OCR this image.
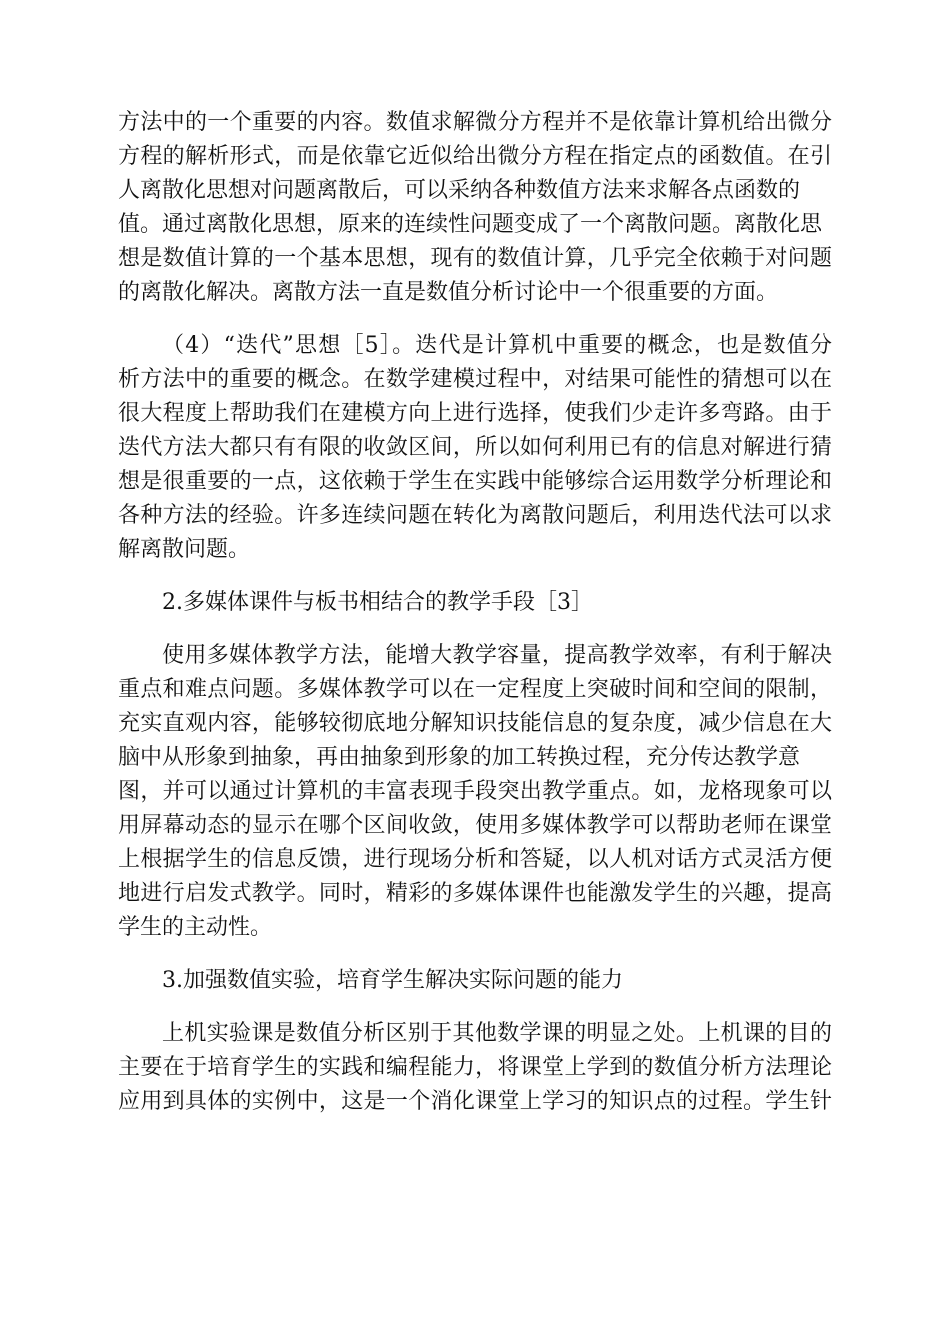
方法中的一个重要的内容。数值求解微分方程并不是依靠计算机给出微分
方程的解析形式，而是依靠它近似给出微分方程在指定点的函数值。在引
人离散化思想对问题离散后，可以采纳各种数值方法来求解各点函数的
值。通过离散化思想，原来的连续性问题变成了一个离散问题。离散化思
想是数值计算的一个基本思想，现有的数值计算，几乎完全依赖于对问题
的离散化解决。离散方法一直是数值分析讨论中一个很重要的方面。
（4）“迭代”思想［5］。迭代是计算机中重要的概念，也是数值分
析方法中的重要的概念。在数学建模过程中，对结果可能性的猜想可以在
很大程度上帮助我们在建模方向上进行选择，使我们少走许多弯路。由于
迭代方法大都只有有限的收敛区间，所以如何利用已有的信息对解进行猜
想是很重要的一点，这依赖于学生在实践中能够综合运用数学分析理论和
各种方法的经验。许多连续问题在转化为离散问题后，利用迭代法可以求
解离散问题。
2.多媒体课件与板书相结合的教学手段［3］
使用多媒体教学方法，能增大教学容量，提高教学效率，有利于解决
重点和难点问题。多媒体教学可以在一定程度上突破时间和空间的限制，
充实直观内容，能够较彻底地分解知识技能信息的复杂度，减少信息在大
脑中从形象到抽象，再由抽象到形象的加工转换过程，充分传达教学意
图，并可以通过计算机的丰富表现手段突出教学重点。如，龙格现象可以
用屏幕动态的显示在哪个区间收敛，使用多媒体教学可以帮助老师在课堂
上根据学生的信息反馈，进行现场分析和答疑，以人机对话方式灵活方便
地进行启发式教学。同时，精彩的多媒体课件也能激发学生的兴趣，提高
学生的主动性。
3.加强数值实验，培育学生解决实际问题的能力
上机实验课是数值分析区别于其他数学课的明显之处。上机课的目的
主要在于培育学生的实践和编程能力，将课堂上学到的数值分析方法理论
应用到具体的实例中，这是一个消化课堂上学习的知识点的过程。学生针
